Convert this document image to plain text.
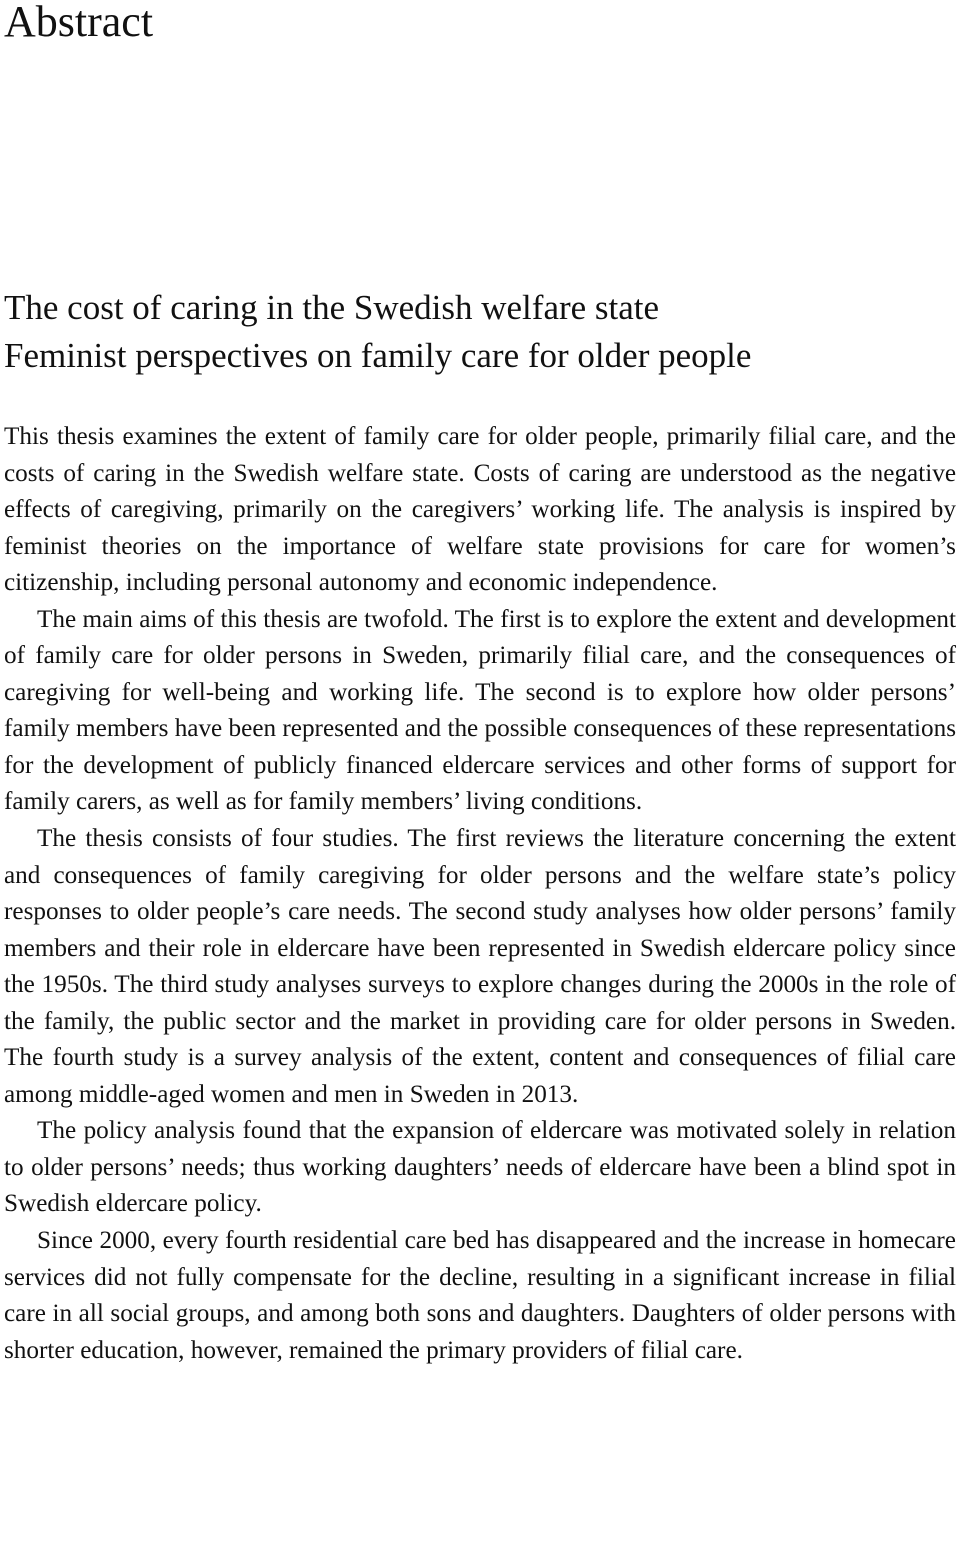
Abstract

The cost of caring in the Swedish welfare state

Feminist perspectives on family care for older people

This thesis examines the extent of family care for older people, primarily filial care, and the costs of caring in the Swedish welfare state. Costs of caring are understood as the negative effects of caregiving, primarily on the caregivers’ working life. The analysis is inspired by feminist theories on the importance of welfare state provisions for care for women’s citizenship, including personal autonomy and economic independence.

The main aims of this thesis are twofold. The first is to explore the extent and development of family care for older persons in Sweden, primarily filial care, and the consequences of caregiving for well-being and working life. The second is to explore how older persons’ family members have been represented and the possible consequences of these representations for the development of publicly financed eldercare services and other forms of support for family carers, as well as for family members’ living conditions.

The thesis consists of four studies. The first reviews the literature concerning the extent and consequences of family caregiving for older persons and the welfare state’s policy responses to older people’s care needs. The second study analyses how older persons’ family members and their role in eldercare have been represented in Swedish eldercare policy since the 1950s. The third study analyses surveys to explore changes during the 2000s in the role of the family, the public sector and the market in providing care for older persons in Sweden. The fourth study is a survey analysis of the extent, content and consequences of filial care among middle-aged women and men in Sweden in 2013.

The policy analysis found that the expansion of eldercare was motivated solely in relation to older persons’ needs; thus working daughters’ needs of eldercare have been a blind spot in Swedish eldercare policy.

Since 2000, every fourth residential care bed has disappeared and the increase in homecare services did not fully compensate for the decline, resulting in a significant increase in filial care in all social groups, and among both sons and daughters. Daughters of older persons with shorter education, however, remained the primary providers of filial care.
